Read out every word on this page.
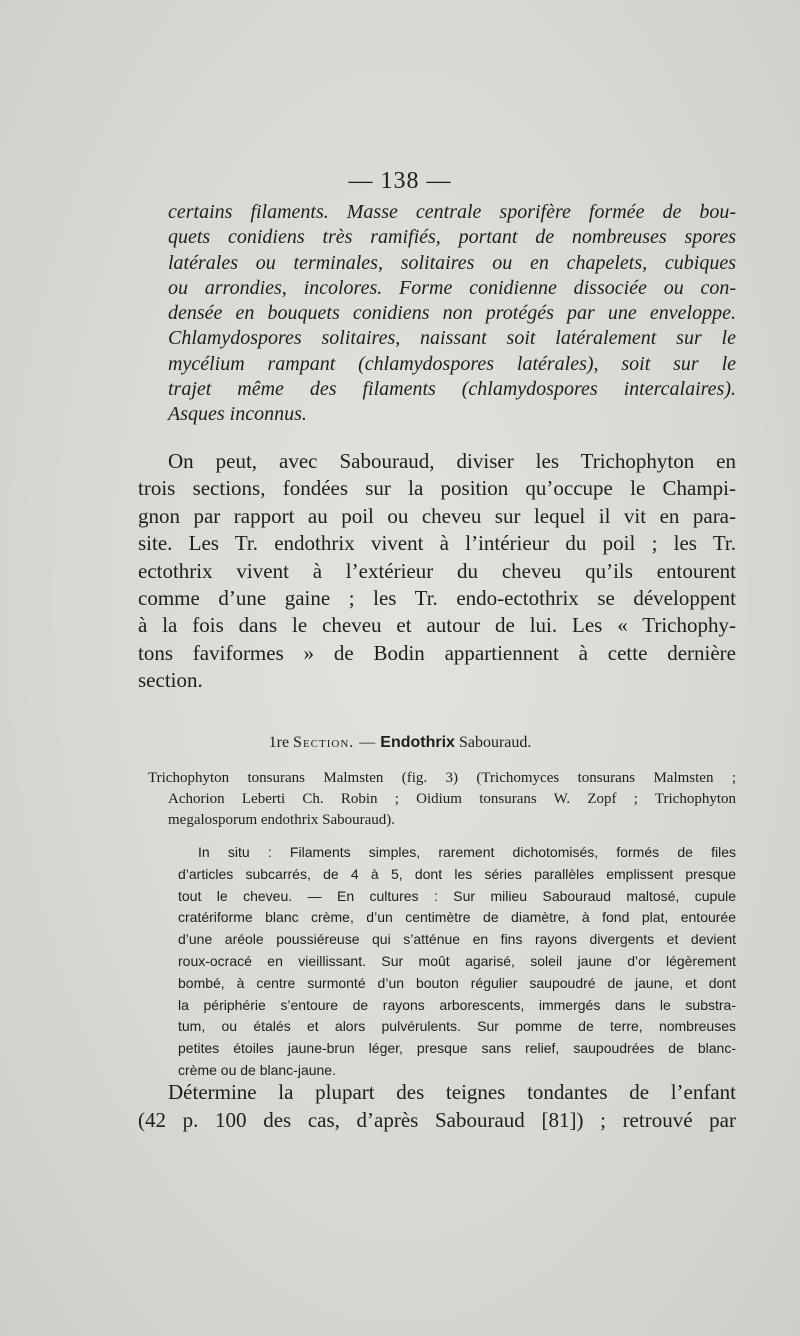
— 138 —
certains filaments. Masse centrale sporifère formée de bou-
quets conidiens très ramifiés, portant de nombreuses spores
latérales ou terminales, solitaires ou en chapelets, cubiques
ou arrondies, incolores. Forme conidienne dissociée ou con-
densée en bouquets conidiens non protégés par une enveloppe.
Chlamydospores solitaires, naissant soit latéralement sur le
mycélium rampant (chlamydospores latérales), soit sur le
trajet même des filaments (chlamydospores intercalaires).
Asques inconnus.
On peut, avec Sabouraud, diviser les Trichophyton en
trois sections, fondées sur la position qu’occupe le Champi-
gnon par rapport au poil ou cheveu sur lequel il vit en para-
site. Les Tr. endothrix vivent à l’intérieur du poil ; les Tr.
ectothrix vivent à l’extérieur du cheveu qu’ils entourent
comme d’une gaine ; les Tr. endo-ectothrix se développent
à la fois dans le cheveu et autour de lui. Les « Trichophy-
tons faviformes » de Bodin appartiennent à cette dernière
section.
1re Section. — Endothrix Sabouraud.
Trichophyton tonsurans Malmsten (fig. 3) (Trichomyces tonsurans Malmsten ;
Achorion Leberti Ch. Robin ; Oidium tonsurans W. Zopf ; Trichophyton
megalosporum endothrix Sabouraud).
In situ : Filaments simples, rarement dichotomisés, formés de files
d’articles subcarrés, de 4 à 5, dont les séries parallèles emplissent presque
tout le cheveu. — En cultures : Sur milieu Sabouraud maltosé, cupule
cratériforme blanc crème, d’un centimètre de diamètre, à fond plat, entourée
d’une aréole poussiéreuse qui s’atténue en fins rayons divergents et devient
roux-ocracé en vieillissant. Sur moût agarisé, soleil jaune d’or légèrement
bombé, à centre surmonté d’un bouton régulier saupoudré de jaune, et dont
la périphérie s’entoure de rayons arborescents, immergés dans le substra-
tum, ou étalés et alors pulvérulents. Sur pomme de terre, nombreuses
petites étoiles jaune-brun léger, presque sans relief, saupoudrées de blanc-
crème ou de blanc-jaune.
Détermine la plupart des teignes tondantes de l’enfant
(42 p. 100 des cas, d’après Sabouraud [81]) ; retrouvé par
